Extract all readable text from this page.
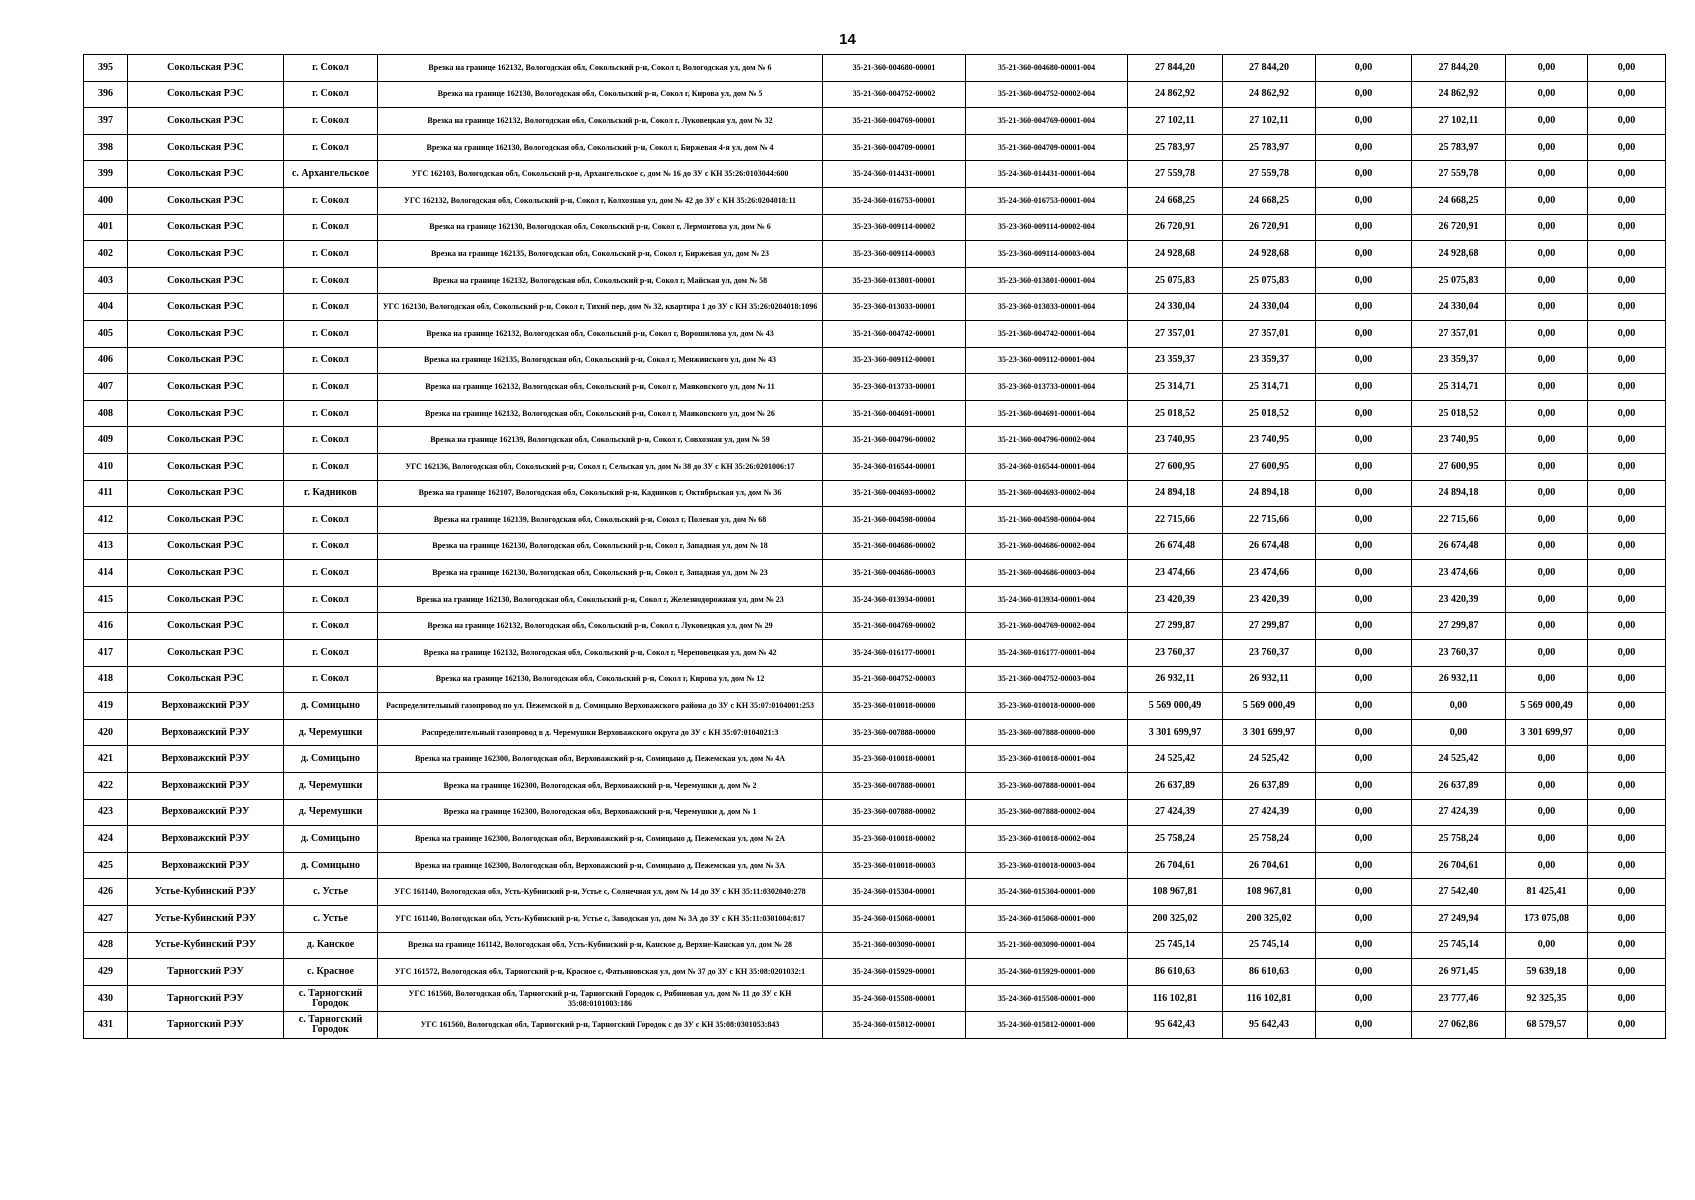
14
395	Сокольская РЭС	г. Сокол	Врезка на границе 162132, Вологодская обл, Сокольский р-н, Сокол г, Вологодская ул, дом № 6	35-21-360-004680-00001	35-21-360-004680-00001-004	27 844,20	27 844,20	0,00	27 844,20	0,00	0,00
396	Сокольская РЭС	г. Сокол	Врезка на границе 162130, Вологодская обл, Сокольский р-н, Сокол г, Кирова ул, дом № 5	35-21-360-004752-00002	35-21-360-004752-00002-004	24 862,92	24 862,92	0,00	24 862,92	0,00	0,00
397	Сокольская РЭС	г. Сокол	Врезка на границе 162132, Вологодская обл, Сокольский р-н, Сокол г, Луковецкая ул, дом № 32	35-21-360-004769-00001	35-21-360-004769-00001-004	27 102,11	27 102,11	0,00	27 102,11	0,00	0,00
398	Сокольская РЭС	г. Сокол	Врезка на границе 162130, Вологодская обл, Сокольский р-н, Сокол г, Биржевая 4-я ул, дом № 4	35-21-360-004709-00001	35-21-360-004709-00001-004	25 783,97	25 783,97	0,00	25 783,97	0,00	0,00
399	Сокольская РЭС	с. Архангельское	УГС 162103, Вологодская обл, Сокольский р-н, Архангельское с, дом № 16 до ЗУ с КН 35:26:0103044:600	35-24-360-014431-00001	35-24-360-014431-00001-004	27 559,78	27 559,78	0,00	27 559,78	0,00	0,00
400	Сокольская РЭС	г. Сокол	УГС 162132, Вологодская обл, Сокольский р-н, Сокол г, Колхозная ул, дом № 42 до ЗУ с КН 35:26:0204018:11	35-24-360-016753-00001	35-24-360-016753-00001-004	24 668,25	24 668,25	0,00	24 668,25	0,00	0,00
401	Сокольская РЭС	г. Сокол	Врезка на границе 162130, Вологодская обл, Сокольский р-н, Сокол г, Лермонтова ул, дом № 6	35-23-360-009114-00002	35-23-360-009114-00002-004	26 720,91	26 720,91	0,00	26 720,91	0,00	0,00
402	Сокольская РЭС	г. Сокол	Врезка на границе 162135, Вологодская обл, Сокольский р-н, Сокол г, Биржевая ул, дом № 23	35-23-360-009114-00003	35-23-360-009114-00003-004	24 928,68	24 928,68	0,00	24 928,68	0,00	0,00
403	Сокольская РЭС	г. Сокол	Врезка на границе 162132, Вологодская обл, Сокольский р-н, Сокол г, Майская ул, дом № 58	35-23-360-013801-00001	35-23-360-013801-00001-004	25 075,83	25 075,83	0,00	25 075,83	0,00	0,00
404	Сокольская РЭС	г. Сокол	УГС 162130, Вологодская обл, Сокольский р-н, Сокол г, Тихий пер, дом № 32, квартира 1 до ЗУ с КН 35:26:0204018:1096	35-23-360-013033-00001	35-23-360-013033-00001-004	24 330,04	24 330,04	0,00	24 330,04	0,00	0,00
405	Сокольская РЭС	г. Сокол	Врезка на границе 162132, Вологодская обл, Сокольский р-н, Сокол г, Ворошилова ул, дом № 43	35-21-360-004742-00001	35-21-360-004742-00001-004	27 357,01	27 357,01	0,00	27 357,01	0,00	0,00
406	Сокольская РЭС	г. Сокол	Врезка на границе 162135, Вологодская обл, Сокольский р-н, Сокол г, Менжинского ул, дом № 43	35-23-360-009112-00001	35-23-360-009112-00001-004	23 359,37	23 359,37	0,00	23 359,37	0,00	0,00
407	Сокольская РЭС	г. Сокол	Врезка на границе 162132, Вологодская обл, Сокольский р-н, Сокол г, Маяковского ул, дом № 11	35-23-360-013733-00001	35-23-360-013733-00001-004	25 314,71	25 314,71	0,00	25 314,71	0,00	0,00
408	Сокольская РЭС	г. Сокол	Врезка на границе 162132, Вологодская обл, Сокольский р-н, Сокол г, Маяковского ул, дом № 26	35-21-360-004691-00001	35-21-360-004691-00001-004	25 018,52	25 018,52	0,00	25 018,52	0,00	0,00
409	Сокольская РЭС	г. Сокол	Врезка на границе 162139, Вологодская обл, Сокольский р-н, Сокол г, Совхозная ул, дом № 59	35-21-360-004796-00002	35-21-360-004796-00002-004	23 740,95	23 740,95	0,00	23 740,95	0,00	0,00
410	Сокольская РЭС	г. Сокол	УГС 162136, Вологодская обл, Сокольский р-н, Сокол г, Сельская ул, дом № 38 до ЗУ с КН 35:26:0201006:17	35-24-360-016544-00001	35-24-360-016544-00001-004	27 600,95	27 600,95	0,00	27 600,95	0,00	0,00
411	Сокольская РЭС	г. Кадников	Врезка на границе 162107, Вологодская обл, Сокольский р-н, Кадников г, Октябрьская ул, дом № 36	35-21-360-004693-00002	35-21-360-004693-00002-004	24 894,18	24 894,18	0,00	24 894,18	0,00	0,00
412	Сокольская РЭС	г. Сокол	Врезка на границе 162139, Вологодская обл, Сокольский р-н, Сокол г, Полевая ул, дом № 68	35-21-360-004598-00004	35-21-360-004598-00004-004	22 715,66	22 715,66	0,00	22 715,66	0,00	0,00
413	Сокольская РЭС	г. Сокол	Врезка на границе 162130, Вологодская обл, Сокольский р-н, Сокол г, Западная ул, дом № 18	35-21-360-004686-00002	35-21-360-004686-00002-004	26 674,48	26 674,48	0,00	26 674,48	0,00	0,00
414	Сокольская РЭС	г. Сокол	Врезка на границе 162130, Вологодская обл, Сокольский р-н, Сокол г, Западная ул, дом № 23	35-21-360-004686-00003	35-21-360-004686-00003-004	23 474,66	23 474,66	0,00	23 474,66	0,00	0,00
415	Сокольская РЭС	г. Сокол	Врезка на границе 162130, Вологодская обл, Сокольский р-н, Сокол г, Железнодорожная ул, дом № 23	35-24-360-013934-00001	35-24-360-013934-00001-004	23 420,39	23 420,39	0,00	23 420,39	0,00	0,00
416	Сокольская РЭС	г. Сокол	Врезка на границе 162132, Вологодская обл, Сокольский р-н, Сокол г, Луковецкая ул, дом № 29	35-21-360-004769-00002	35-21-360-004769-00002-004	27 299,87	27 299,87	0,00	27 299,87	0,00	0,00
417	Сокольская РЭС	г. Сокол	Врезка на границе 162132, Вологодская обл, Сокольский р-н, Сокол г, Череповецкая ул, дом № 42	35-24-360-016177-00001	35-24-360-016177-00001-004	23 760,37	23 760,37	0,00	23 760,37	0,00	0,00
418	Сокольская РЭС	г. Сокол	Врезка на границе 162130, Вологодская обл, Сокольский р-н, Сокол г, Кирова ул, дом № 12	35-21-360-004752-00003	35-21-360-004752-00003-004	26 932,11	26 932,11	0,00	26 932,11	0,00	0,00
419	Верховажский РЭУ	д. Сомицыно	Распределительный газопровод по ул. Пежемской в д. Сомицыно Верховажского района до ЗУ с КН 35:07:0104001:253	35-23-360-010018-00000	35-23-360-010018-00000-000	5 569 000,49	5 569 000,49	0,00	0,00	5 569 000,49	0,00
420	Верховажский РЭУ	д. Черемушки	Распределительный газопровод в д. Черемушки Верховажского округа до ЗУ с КН 35:07:0104021:3	35-23-360-007888-00000	35-23-360-007888-00000-000	3 301 699,97	3 301 699,97	0,00	0,00	3 301 699,97	0,00
421	Верховажский РЭУ	д. Сомицыно	Врезка на границе 162300, Вологодская обл, Верховажский р-н, Сомицыно д, Пежемская ул, дом № 4А	35-23-360-010018-00001	35-23-360-010018-00001-004	24 525,42	24 525,42	0,00	24 525,42	0,00	0,00
422	Верховажский РЭУ	д. Черемушки	Врезка на границе 162300, Вологодская обл, Верховажский р-н, Черемушки д, дом № 2	35-23-360-007888-00001	35-23-360-007888-00001-004	26 637,89	26 637,89	0,00	26 637,89	0,00	0,00
423	Верховажский РЭУ	д. Черемушки	Врезка на границе 162300, Вологодская обл, Верховажский р-н, Черемушки д, дом № 1	35-23-360-007888-00002	35-23-360-007888-00002-004	27 424,39	27 424,39	0,00	27 424,39	0,00	0,00
424	Верховажский РЭУ	д. Сомицыно	Врезка на границе 162300, Вологодская обл, Верховажский р-н, Сомицыно д, Пежемская ул, дом № 2А	35-23-360-010018-00002	35-23-360-010018-00002-004	25 758,24	25 758,24	0,00	25 758,24	0,00	0,00
425	Верховажский РЭУ	д. Сомицыно	Врезка на границе 162300, Вологодская обл, Верховажский р-н, Сомицыно д, Пежемская ул, дом № 3А	35-23-360-010018-00003	35-23-360-010018-00003-004	26 704,61	26 704,61	0,00	26 704,61	0,00	0,00
426	Устье-Кубинский РЭУ	с. Устье	УГС 161140, Вологодская обл, Усть-Кубинский р-н, Устье с, Солнечная ул, дом № 14 до ЗУ с КН 35:11:0302040:278	35-24-360-015304-00001	35-24-360-015304-00001-000	108 967,81	108 967,81	0,00	27 542,40	81 425,41	0,00
427	Устье-Кубинский РЭУ	с. Устье	УГС 161140, Вологодская обл, Усть-Кубинский р-н, Устье с, Заводская ул, дом № 3А до ЗУ с КН 35:11:0301004:817	35-24-360-015068-00001	35-24-360-015068-00001-000	200 325,02	200 325,02	0,00	27 249,94	173 075,08	0,00
428	Устье-Кубинский РЭУ	д. Канское	Врезка на границе 161142, Вологодская обл, Усть-Кубинский р-н, Канское д, Верхне-Канская ул, дом № 28	35-21-360-003090-00001	35-21-360-003090-00001-004	25 745,14	25 745,14	0,00	25 745,14	0,00	0,00
429	Тарногский РЭУ	с. Красное	УГС 161572, Вологодская обл, Тарногский р-н, Красное с, Фатьяновская ул, дом № 37 до ЗУ с КН 35:08:0201032:1	35-24-360-015929-00001	35-24-360-015929-00001-000	86 610,63	86 610,63	0,00	26 971,45	59 639,18	0,00
430	Тарногский РЭУ	с. Тарногский Городок	УГС 161560, Вологодская обл, Тарногский р-н, Тарногский Городок с, Рябиновая ул, дом № 11 до ЗУ с КН 35:08:0101003:186	35-24-360-015508-00001	35-24-360-015508-00001-000	116 102,81	116 102,81	0,00	23 777,46	92 325,35	0,00
431	Тарногский РЭУ	с. Тарногский Городок	УГС 161560, Вологодская обл, Тарногский р-н, Тарногский Городок с до ЗУ с КН 35:08:0301053:843	35-24-360-015812-00001	35-24-360-015812-00001-000	95 642,43	95 642,43	0,00	27 062,86	68 579,57	0,00
